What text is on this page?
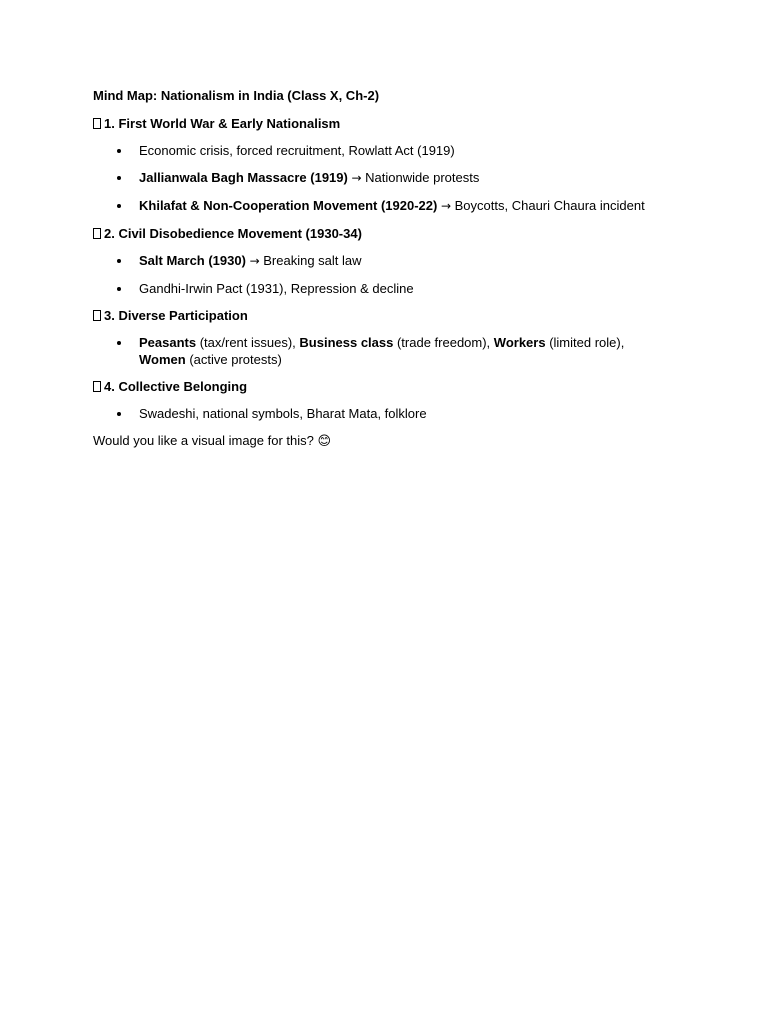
Mind Map: Nationalism in India (Class X, Ch-2)

1. First World War & Early Nationalism

Economic crisis, forced recruitment, Rowlatt Act (1919)
Jallianwala Bagh Massacre (1919) → Nationwide protests
Khilafat & Non-Cooperation Movement (1920-22) → Boycotts, Chauri Chaura incident

2. Civil Disobedience Movement (1930-34)

Salt March (1930) → Breaking salt law
Gandhi-Irwin Pact (1931), Repression & decline

3. Diverse Participation

Peasants (tax/rent issues), Business class (trade freedom), Workers (limited role), Women (active protests)

4. Collective Belonging

Swadeshi, national symbols, Bharat Mata, folklore

Would you like a visual image for this? 😊
